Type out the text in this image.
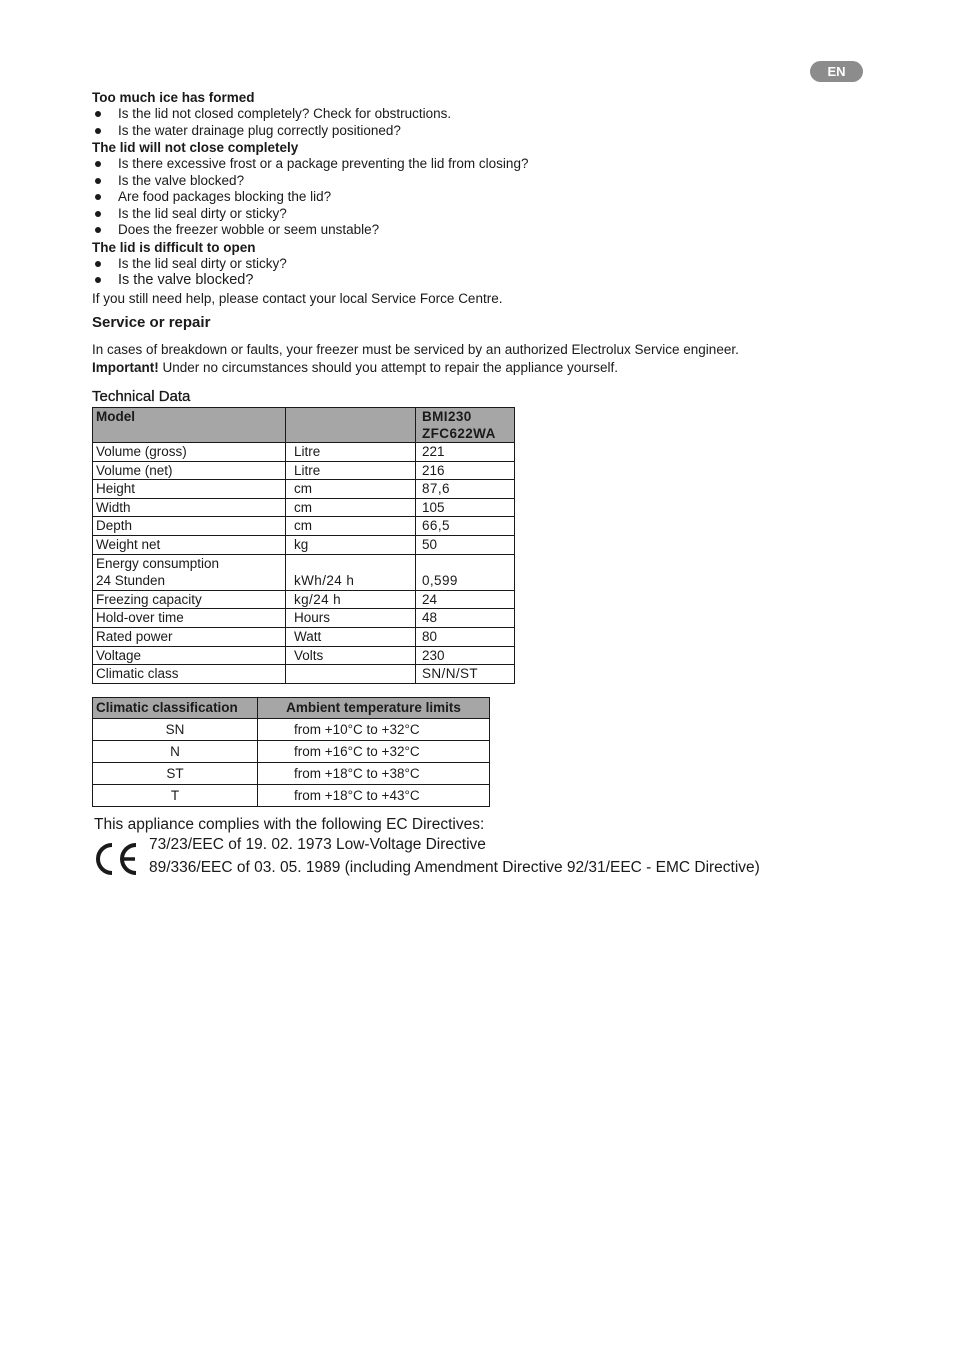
EN
Too much ice has formed
Is the lid not closed completely? Check for obstructions.
Is the water drainage plug correctly positioned?
The lid will not close completely
Is there excessive frost or a package preventing the lid from closing?
Is the valve blocked?
Are food packages blocking the lid?
Is the lid seal dirty or sticky?
Does the freezer wobble or seem unstable?
The lid is difficult to open
Is the lid seal dirty or sticky?
Is the valve blocked?
If you still need help, please contact your local Service Force Centre.
Service or repair
In cases of breakdown or faults, your freezer must be serviced by an authorized Electrolux Service engineer.
Important! Under no circumstances should you attempt to repair the appliance yourself.
Technical Data
Model		BMI230
ZFC622WA

Volume (gross)	Litre	221
Volume (net)	Litre	216
Height	cm	87,6
Width	cm	105
Depth	cm	66,5
Weight net	kg	50

Energy consumption
24 Stunden	kWh/24 h	0,599
Freezing capacity	kg/24 h	24
Hold-over time	Hours	48
Rated power	Watt	80
Voltage	Volts	230
Climatic class		SN/N/ST
Climatic classification	Ambient temperature limits
SN	from +10°C to +32°C
N	from +16°C to +32°C
ST	from +18°C to +38°C
T	from +18°C to +43°C
This appliance complies with the following EC Directives:
73/23/EEC of 19. 02. 1973 Low-Voltage Directive
89/336/EEC of 03. 05. 1989 (including Amendment Directive 92/31/EEC - EMC Directive)
